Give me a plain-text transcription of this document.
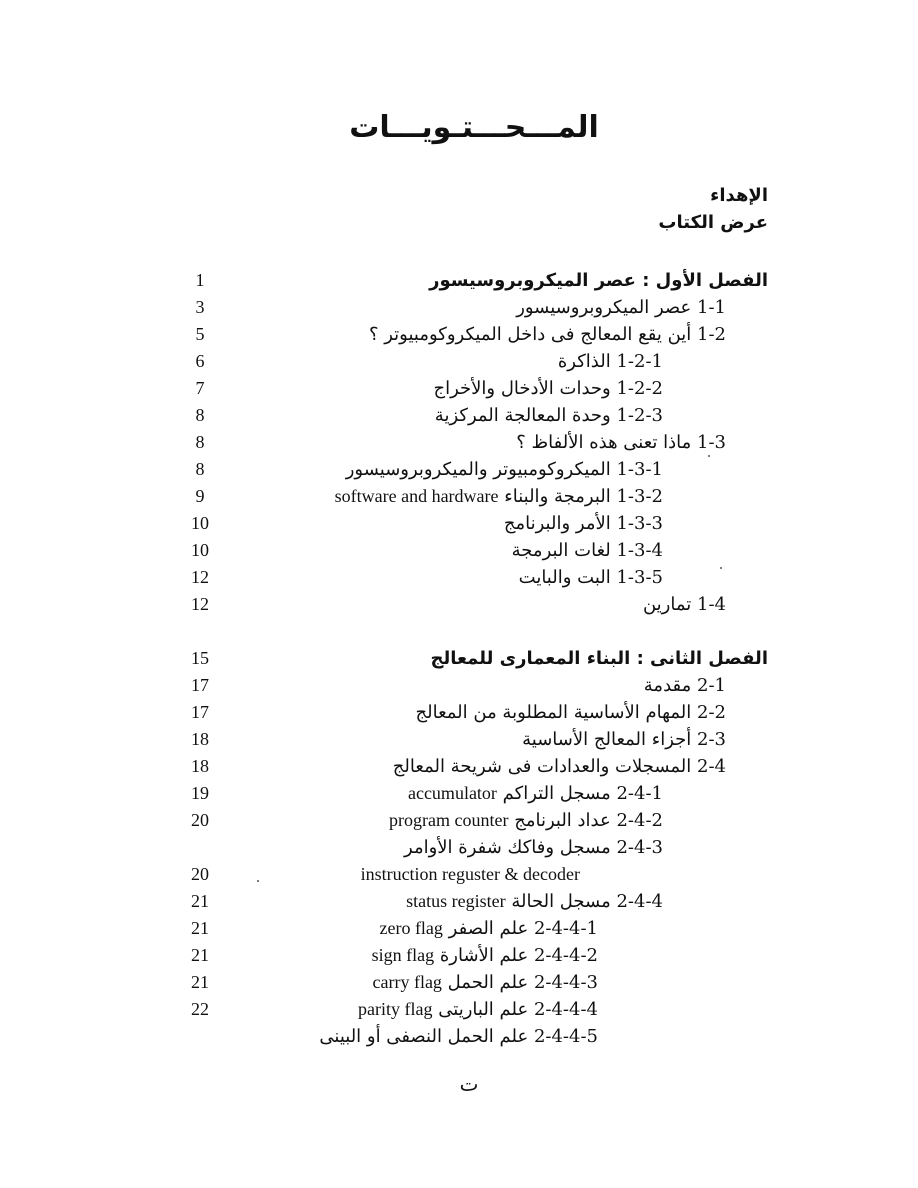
المـــحـــتـويـــات
الإهداء
عرض الكتاب
الفصل الأول : عصر الميكروبروسيسور
1
1-1 عصر الميكروبروسيسور
3
1-2 أين يقع المعالج فى داخل الميكروكومبيوتر ؟
5
1-2-1 الذاكرة
6
1-2-2 وحدات الأدخال والأخراج
7
1-2-3 وحدة المعالجة المركزية
8
1-3 ماذا تعنى هذه الألفاظ ؟
8
1-3-1 الميكروكومبيوتر والميكروبروسيسور
8
1-3-2 البرمجة والبناء software and hardware
9
1-3-3 الأمر والبرنامج
10
1-3-4 لغات البرمجة
10
1-3-5 البت والبايت
12
1-4 تمارين
12
الفصل الثانى : البناء المعمارى للمعالج
15
2-1 مقدمة
17
2-2 المهام الأساسية المطلوبة من المعالج
17
2-3 أجزاء المعالج الأساسية
18
2-4 المسجلات والعدادات فى شريحة المعالج
18
2-4-1 مسجل التراكم accumulator
19
2-4-2 عداد البرنامج program counter
20
2-4-3 مسجل وفاكك شفرة الأوامر
instruction reguster & decoder
20
2-4-4 مسجل الحالة status register
21
2-4-4-1 علم الصفر zero flag
21
2-4-4-2 علم الأشارة sign flag
21
2-4-4-3 علم الحمل carry flag
21
2-4-4-4 علم الباريتى parity flag
22
2-4-4-5 علم الحمل النصفى أو البينى
ت
